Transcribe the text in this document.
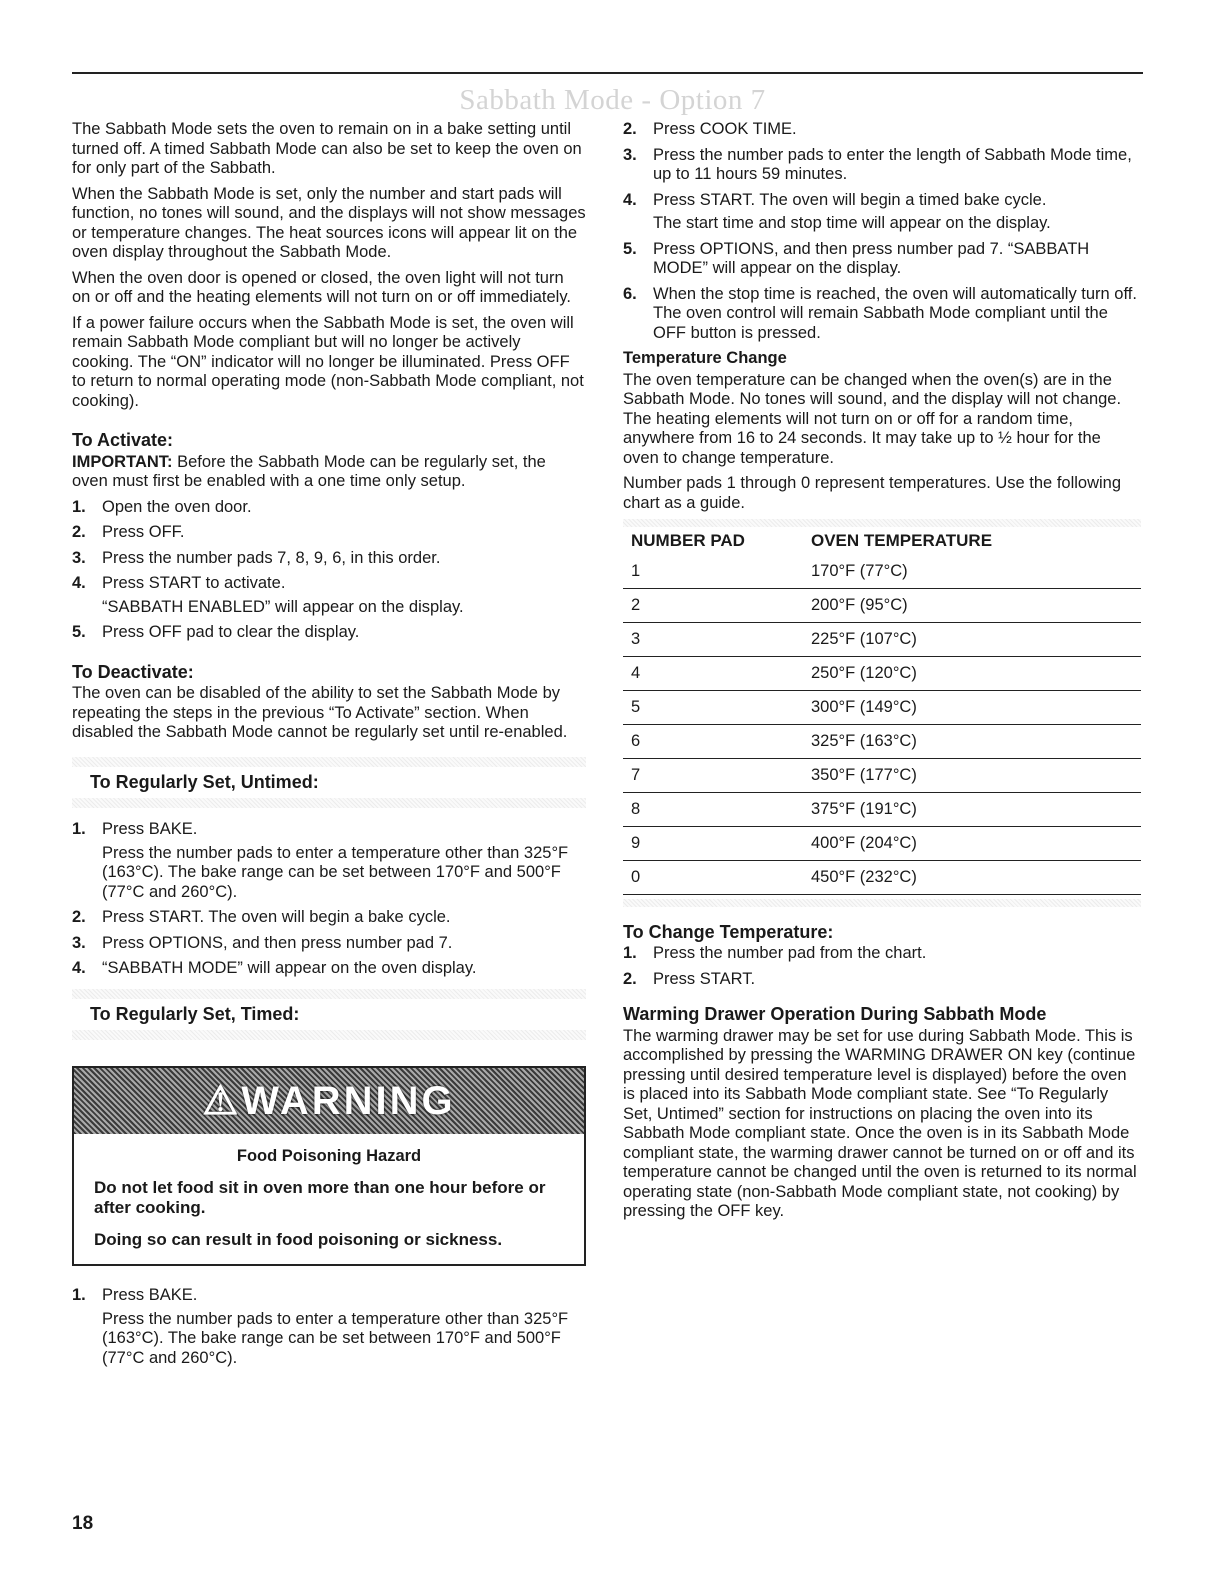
Sabbath Mode - Option 7

The Sabbath Mode sets the oven to remain on in a bake setting until turned off. A timed Sabbath Mode can also be set to keep the oven on for only part of the Sabbath.

When the Sabbath Mode is set, only the number and start pads will function, no tones will sound, and the displays will not show messages or temperature changes. The heat sources icons will appear lit on the oven display throughout the Sabbath Mode.

When the oven door is opened or closed, the oven light will not turn on or off and the heating elements will not turn on or off immediately.

If a power failure occurs when the Sabbath Mode is set, the oven will remain Sabbath Mode compliant but will no longer be actively cooking. The “ON” indicator will no longer be illuminated. Press OFF to return to normal operating mode (non-Sabbath Mode compliant, not cooking).

To Activate:

IMPORTANT: Before the Sabbath Mode can be regularly set, the oven must first be enabled with a one time only setup.

1. Open the oven door.
2. Press OFF.
3. Press the number pads 7, 8, 9, 6, in this order.
4. Press START to activate.
“SABBATH ENABLED” will appear on the display.
5. Press OFF pad to clear the display.
To Deactivate:

The oven can be disabled of the ability to set the Sabbath Mode by repeating the steps in the previous “To Activate” section. When disabled the Sabbath Mode cannot be regularly set until re-enabled.

To Regularly Set, Untimed:
1. Press BAKE.
Press the number pads to enter a temperature other than 325°F (163°C). The bake range can be set between 170°F and 500°F (77°C and 260°C).
2. Press START. The oven will begin a bake cycle.
3. Press OPTIONS, and then press number pad 7.
4. “SABBATH MODE” will appear on the oven display.
To Regularly Set, Timed:
⚠WARNING
Food Poisoning Hazard

Do not let food sit in oven more than one hour before or after cooking.

Doing so can result in food poisoning or sickness.

1. Press BAKE.
Press the number pads to enter a temperature other than 325°F (163°C). The bake range can be set between 170°F and 500°F (77°C and 260°C).
2. Press COOK TIME.
3. Press the number pads to enter the length of Sabbath Mode time, up to 11 hours 59 minutes.
4. Press START. The oven will begin a timed bake cycle.
The start time and stop time will appear on the display.
5. Press OPTIONS, and then press number pad 7. “SABBATH MODE” will appear on the display.
6. When the stop time is reached, the oven will automatically turn off. The oven control will remain Sabbath Mode compliant until the OFF button is pressed.
Temperature Change

The oven temperature can be changed when the oven(s) are in the Sabbath Mode. No tones will sound, and the display will not change. The heating elements will not turn on or off for a random time, anywhere from 16 to 24 seconds. It may take up to ½ hour for the oven to change temperature.

Number pads 1 through 0 represent temperatures. Use the following chart as a guide.

NUMBER PAD	OVEN TEMPERATURE
1	170°F (77°C)
2	200°F (95°C)
3	225°F (107°C)
4	250°F (120°C)
5	300°F (149°C)
6	325°F (163°C)
7	350°F (177°C)
8	375°F (191°C)
9	400°F (204°C)
0	450°F (232°C)
To Change Temperature:
1. Press the number pad from the chart.
2. Press START.
Warming Drawer Operation During Sabbath Mode

The warming drawer may be set for use during Sabbath Mode. This is accomplished by pressing the WARMING DRAWER ON key (continue pressing until desired temperature level is displayed) before the oven is placed into its Sabbath Mode compliant state. See “To Regularly Set, Untimed” section for instructions on placing the oven into its Sabbath Mode compliant state. Once the oven is in its Sabbath Mode compliant state, the warming drawer cannot be turned on or off and its temperature cannot be changed until the oven is returned to its normal operating state (non-Sabbath Mode compliant state, not cooking) by pressing the OFF key.

18
